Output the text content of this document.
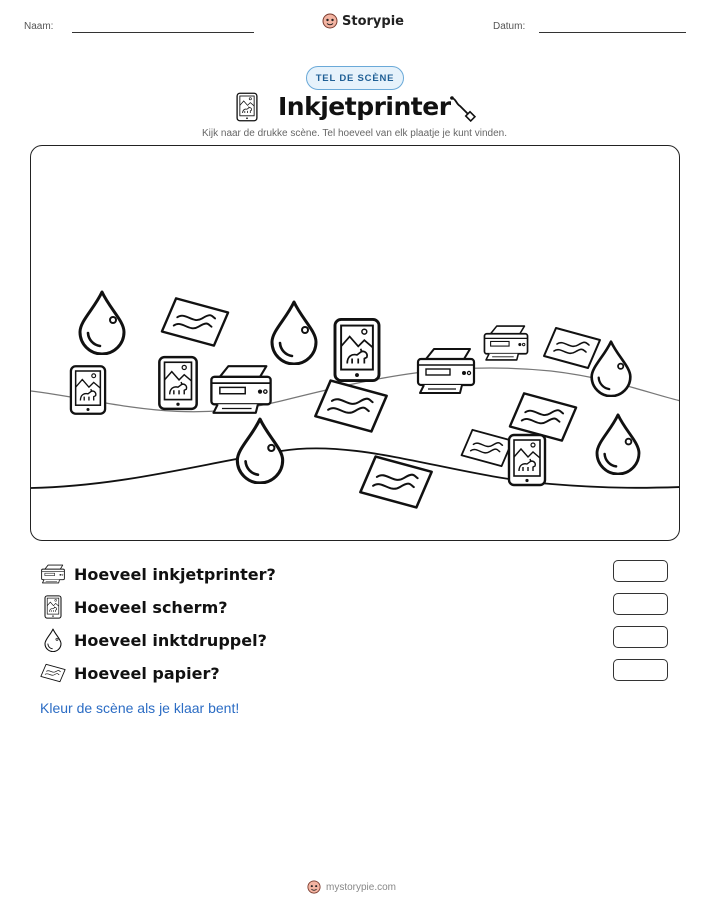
Naam:	Storypie	Datum:
TEL DE SCÈNE
Inkjetprinter
Kijk naar de drukke scène. Tel hoeveel van elk plaatje je kunt vinden.
Hoeveel inkjetprinter?
Hoeveel scherm?
Hoeveel inktdruppel?
Hoeveel papier?
Kleur de scène als je klaar bent!
mystorypie.com
